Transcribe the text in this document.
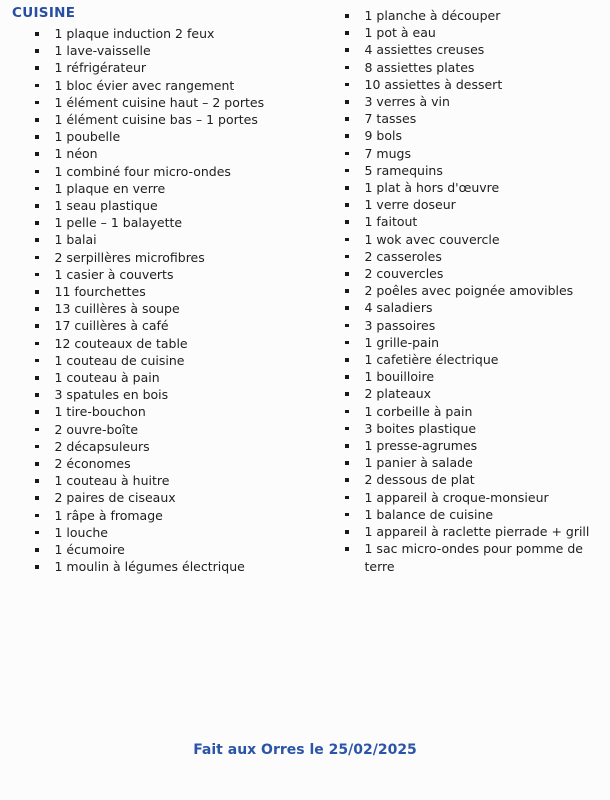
CUISINE
1 plaque induction 2 feux
1 lave-vaisselle
1 réfrigérateur
1 bloc évier avec rangement
1 élément cuisine haut – 2 portes
1 élément cuisine bas – 1 portes
1 poubelle
1 néon
1 combiné four micro-ondes
1 plaque en verre
1 seau plastique
1 pelle – 1 balayette
1 balai
2 serpillères microfibres
1 casier à couverts
11 fourchettes
13 cuillères à soupe
17 cuillères à café
12 couteaux de table
1 couteau de cuisine
1 couteau à pain
3 spatules en bois
1 tire-bouchon
2 ouvre-boîte
2 décapsuleurs
2 économes
1 couteau à huitre
2 paires de ciseaux
1 râpe à fromage
1 louche
1 écumoire
1 moulin à légumes électrique
1 planche à découper
1 pot à eau
4 assiettes creuses
8 assiettes plates
10 assiettes à dessert
3 verres à vin
7 tasses
9 bols
7 mugs
5 ramequins
1 plat à hors d'œuvre
1 verre doseur
1 faitout
1 wok avec couvercle
2 casseroles
2 couvercles
2 poêles avec poignée amovibles
4 saladiers
3 passoires
1 grille-pain
1 cafetière électrique
1 bouilloire
2 plateaux
1 corbeille à pain
3 boites plastique
1 presse-agrumes
1 panier à salade
2 dessous de plat
1 appareil à croque-monsieur
1 balance de cuisine
1 appareil à raclette pierrade + grill
1 sac micro-ondes pour pomme de terre
Fait aux Orres le 25/02/2025
